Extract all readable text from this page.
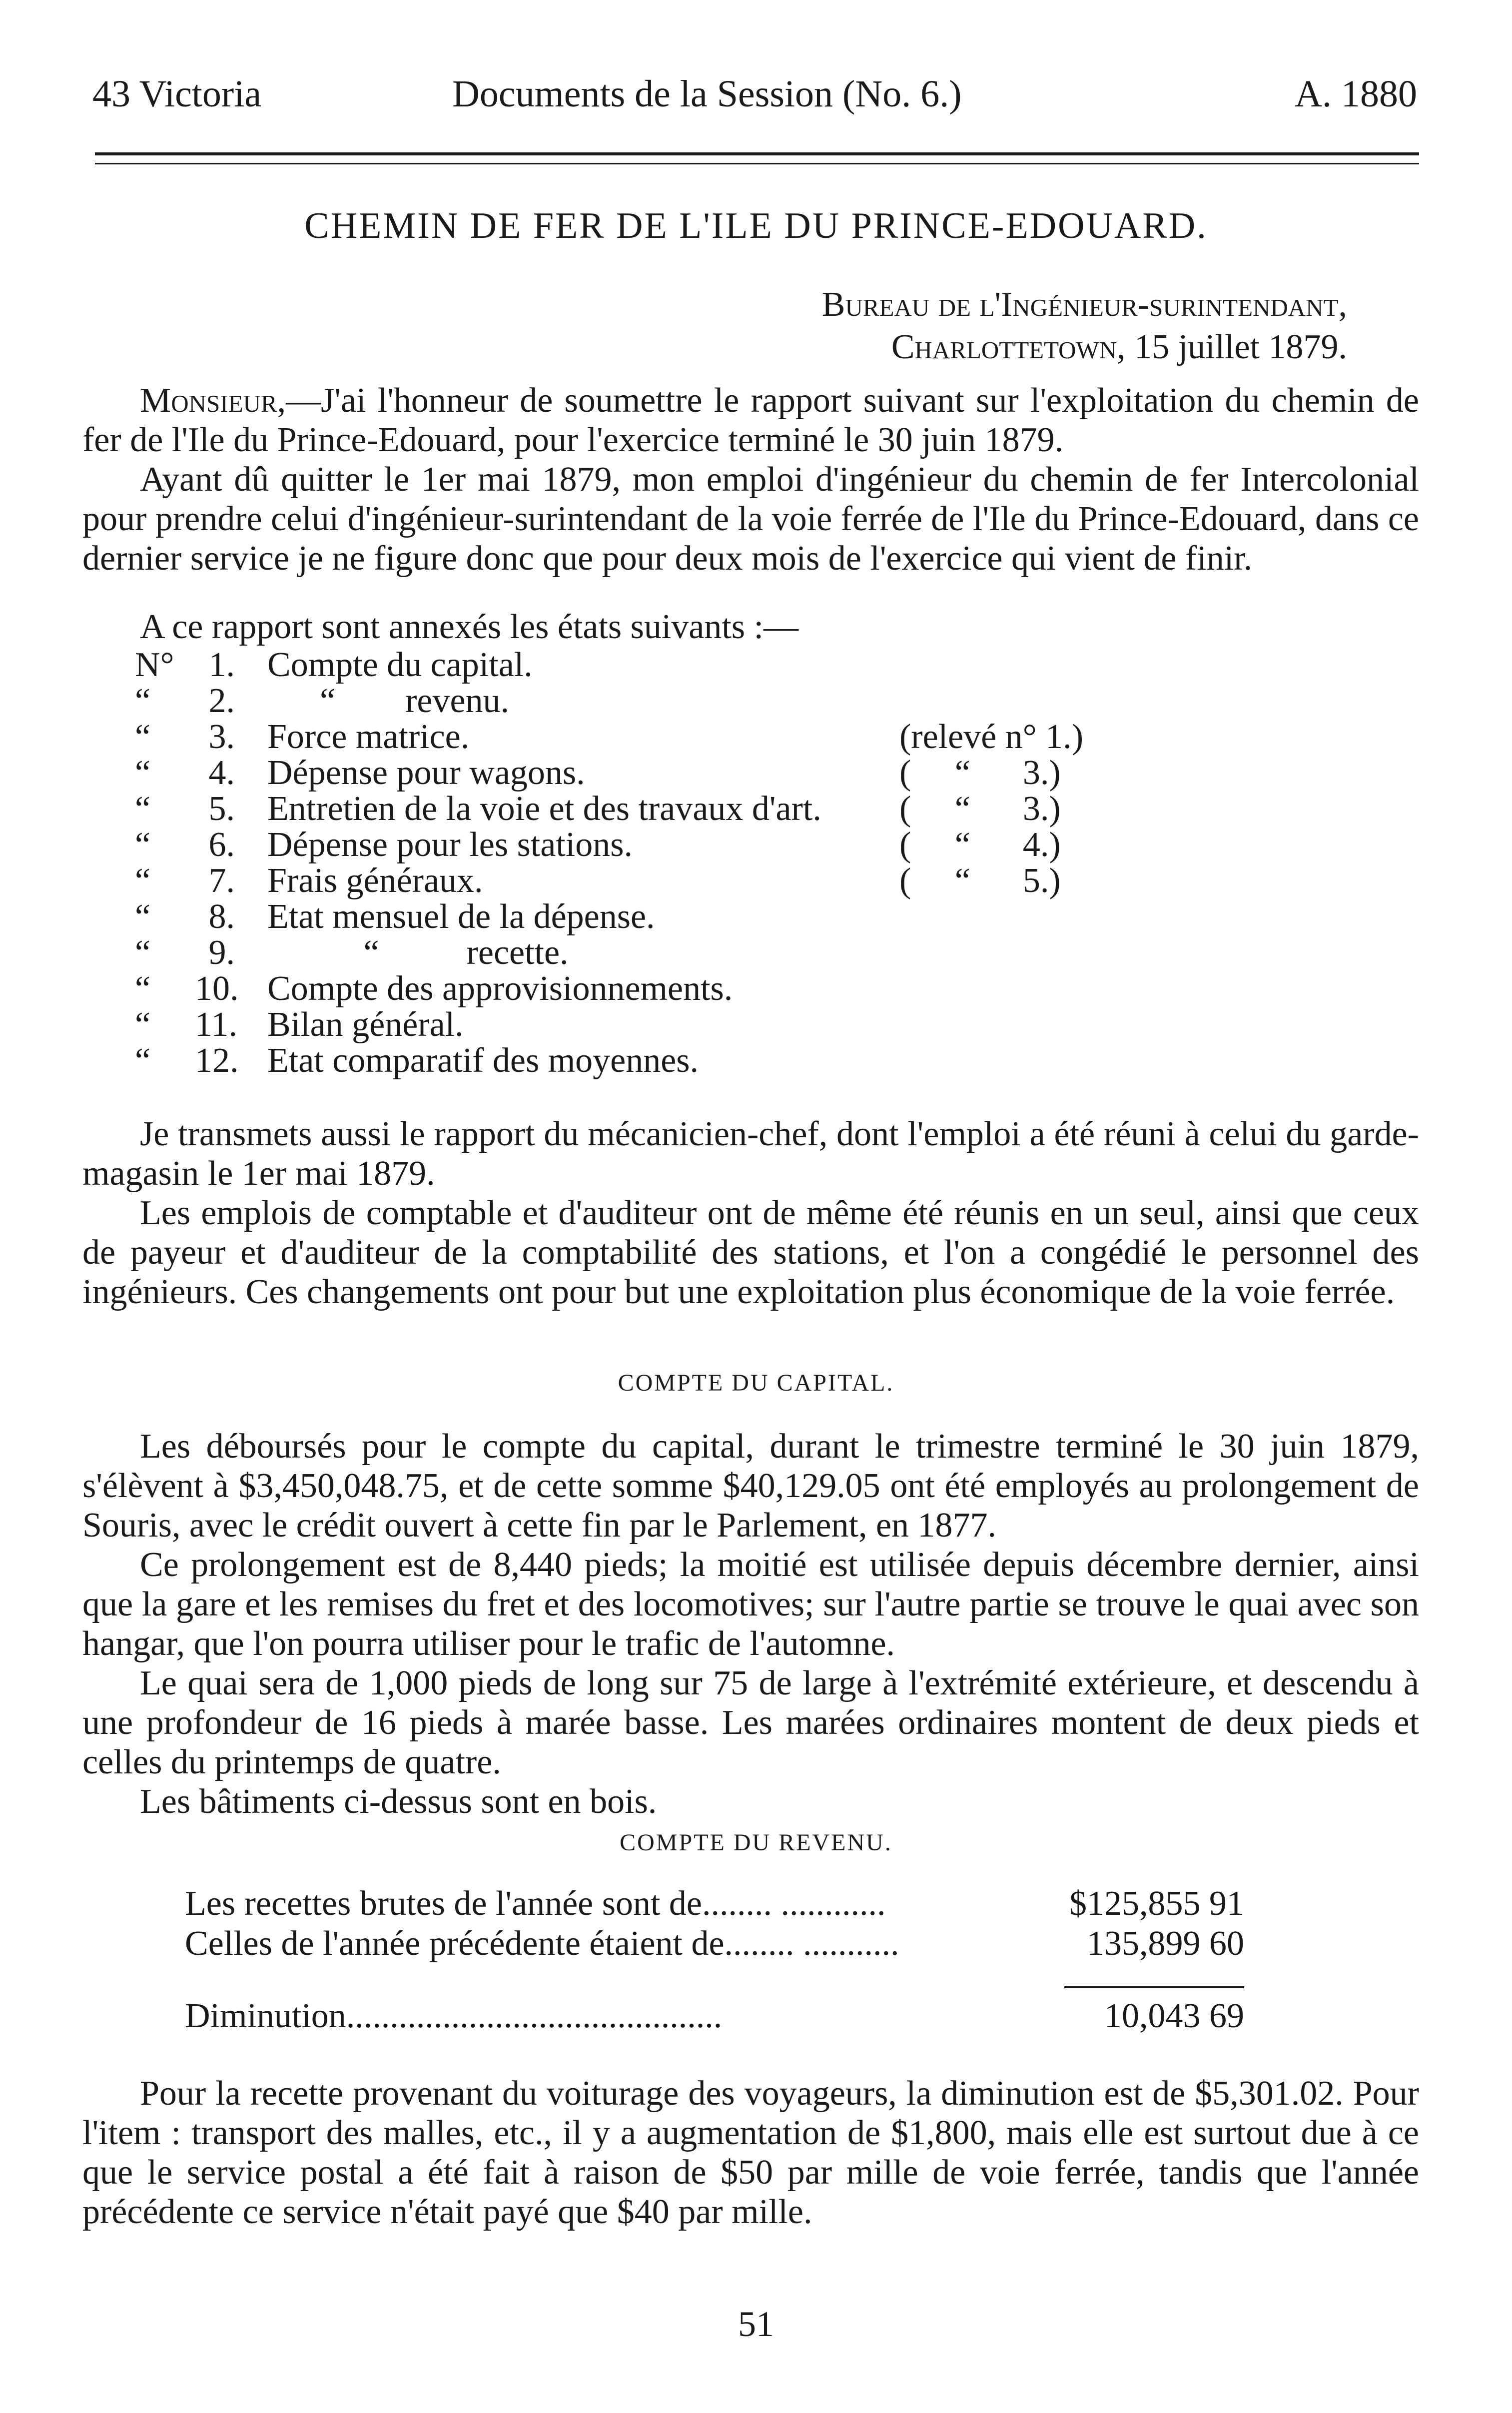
43 Victoria	Documents de la Session (No. 6.)	A. 1880
CHEMIN DE FER DE L'ILE DU PRINCE-EDOUARD.
Bureau de l'Ingénieur-surintendant,
Charlottetown, 15 juillet 1879.

Monsieur,—J'ai l'honneur de soumettre le rapport suivant sur l'exploitation du chemin de fer de l'Ile du Prince-Edouard, pour l'exercice terminé le 30 juin 1879.

Ayant dû quitter le 1er mai 1879, mon emploi d'ingénieur du chemin de fer Intercolonial pour prendre celui d'ingénieur-surintendant de la voie ferrée de l'Ile du Prince-Edouard, dans ce dernier service je ne figure donc que pour deux mois de l'exercice qui vient de finir.

A ce rapport sont annexés les états suivants :—
N° 1. Compte du capital.
“	2. “        revenu.
“	3. Force matrice.	(relevé n° 1.)
“	4. Dépense pour wagons.	(     “      3.)
“	5. Entretien de la voie et des travaux d'art. (     “      3.)
“	6. Dépense pour les stations.	(     “      4.)
“	7. Frais généraux.	(     “      5.)
“	8. Etat mensuel de la dépense.
“	9. “          recette.
“	10. Compte des approvisionnements.
“	11. Bilan général.
“	12. Etat comparatif des moyennes.

Je transmets aussi le rapport du mécanicien-chef, dont l'emploi a été réuni à celui du garde-magasin le 1er mai 1879.

Les emplois de comptable et d'auditeur ont de même été réunis en un seul, ainsi que ceux de payeur et d'auditeur de la comptabilité des stations, et l'on a congédié le personnel des ingénieurs. Ces changements ont pour but une exploitation plus économique de la voie ferrée.

COMPTE DU CAPITAL.

Les déboursés pour le compte du capital, durant le trimestre terminé le 30 juin 1879, s'élèvent à $3,450,048.75, et de cette somme $40,129.05 ont été employés au prolongement de Souris, avec le crédit ouvert à cette fin par le Parlement, en 1877.

Ce prolongement est de 8,440 pieds; la moitié est utilisée depuis décembre dernier, ainsi que la gare et les remises du fret et des locomotives; sur l'autre partie se trouve le quai avec son hangar, que l'on pourra utiliser pour le trafic de l'automne.

Le quai sera de 1,000 pieds de long sur 75 de large à l'extrémité extérieure, et descendu à une profondeur de 16 pieds à marée basse. Les marées ordinaires montent de deux pieds et celles du printemps de quatre.

Les bâtiments ci-dessus sont en bois.

COMPTE DU REVENU.
Les recettes brutes de l'année sont de........ ............	$125,855 91
Celles de l'année précédente étaient de........ ...........	135,899 60
Diminution...........................................	10,043 69

Pour la recette provenant du voiturage des voyageurs, la diminution est de $5,301.02. Pour l'item : transport des malles, etc., il y a augmentation de $1,800, mais elle est surtout due à ce que le service postal a été fait à raison de $50 par mille de voie ferrée, tandis que l'année précédente ce service n'était payé que $40 par mille.

51
